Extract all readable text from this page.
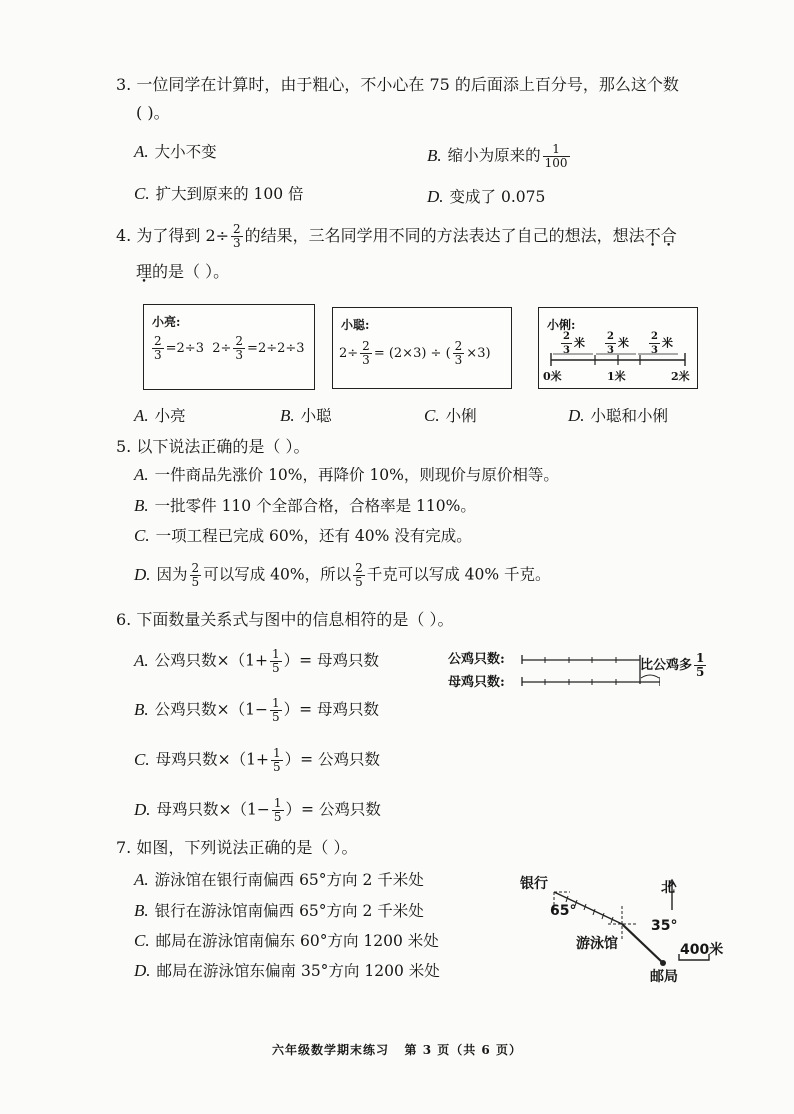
3. 一位同学在计算时，由于粗心，不小心在 75 的后面添上百分号，那么这个数
( )。
A. 大小不变	B. 缩小为原来的 $\frac{1}{100}$
C. 扩大到原来的 100 倍	D. 变成了 0.075
4. 为了得到 $2\div \frac{2}{3}$ 的结果，三名同学用不同的方法表达了自己的想法，想法不合
理的是（ ）。
小亮:
$\frac{2}{3} =2\div 3$ $2\div \frac{2}{3} =2\div 2\div 3$
小聪:
$2\div \frac{2}{3} = (2\times 3)$ ÷ ( $\frac{2}{3} \times 3$)
小俐:
$\frac{2}{3}$ 米 $\frac{2}{3}$ 米 $\frac{2}{3}$ 米
0米	1米	2米
A. 小亮	B. 小聪	C. 小俐	D. 小聪和小俐
5. 以下说法正确的是（ ）。
A. 一件商品先涨价 10%，再降价 10%，则现价与原价相等。
B. 一批零件 110 个全部合格，合格率是 110%。
C. 一项工程已完成 60%，还有 40% 没有完成。
D. 因为 $\frac{2}{5}$ 可以写成 40%，所以 $\frac{2}{5}$ 千克可以写成 40% 千克。
6. 下面数量关系式与图中的信息相符的是（ ）。
A. 公鸡只数$\times(1+ \frac{1}{5}$ ）= 母鸡只数
B. 公鸡只数$\times(1- \frac{1}{5}$ ）= 母鸡只数
C. 母鸡只数$\times(1+ \frac{1}{5}$ ）= 公鸡只数
D. 母鸡只数$\times(1- \frac{1}{5}$ ）= 公鸡只数
公鸡只数:
母鸡只数:
比公鸡多 $\frac{1}{5}$
7. 如图，下列说法正确的是（ ）。
A. 游泳馆在银行南偏西 65°方向 2 千米处
B. 银行在游泳馆南偏西 65°方向 2 千米处
C. 邮局在游泳馆南偏东 60°方向 1200 米处
D. 邮局在游泳馆东偏南 35°方向 1200 米处
银行	北
65°
35°
游泳馆	400米
邮局
六年级数学期末练习   第 3 页（共 6 页）
